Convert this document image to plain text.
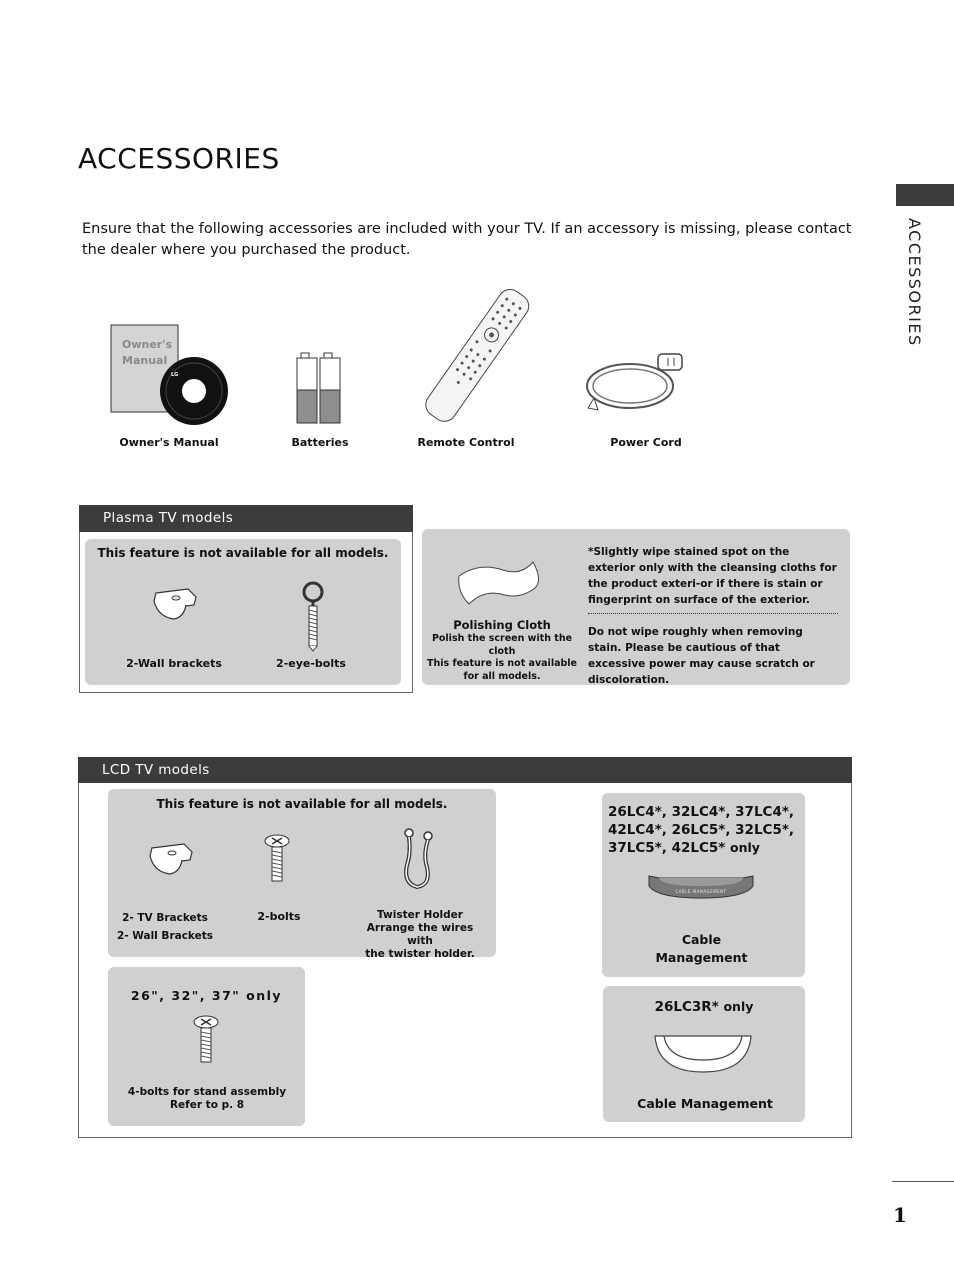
ACCESSORIES
Ensure that the following accessories are included with your TV. If an accessory is missing, please contact the dealer where you purchased the product.	ACCESSORIES
Owner's
Manual
LG
Owner's Manual	Batteries	Remote Control	Power Cord
Plasma TV models
This feature is not available for all models.
2-Wall brackets	2-eye-bolts
Polishing Cloth
Polish the screen with the cloth
This feature is not available
for all models.
*Slightly wipe stained spot on the exterior only with the cleansing cloths for the product exteri-or if there is stain or fingerprint on surface of the exterior.
Do not wipe roughly when removing stain. Please be cautious of that excessive power may cause scratch or discoloration.
LCD TV models
This feature is not available for all models.
2- TV Brackets
2- Wall Brackets
2-bolts	Twister Holder
Arrange the wires with
the twister holder.
26", 32", 37" only
4-bolts for stand assembly
Refer to p. 8
26LC4*, 32LC4*, 37LC4*,
42LC4*, 26LC5*, 32LC5*,
37LC5*, 42LC5* only
CABLE MANAGEMENT
Cable
Management
26LC3R* only
Cable Management
1
